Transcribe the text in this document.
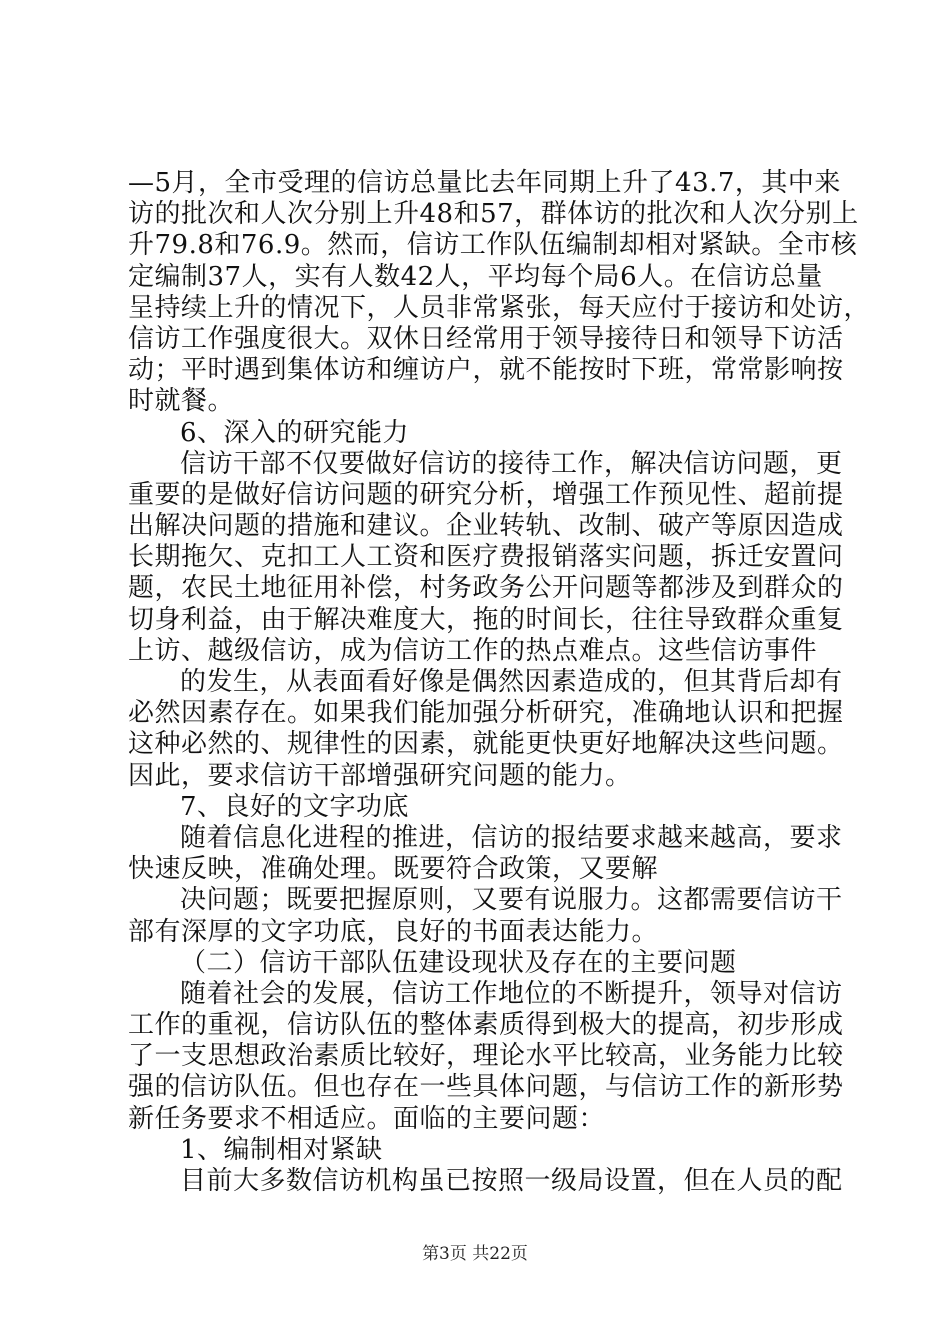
—5月，全市受理的信访总量比去年同期上升了43.7，其中来
访的批次和人次分别上升48和57，群体访的批次和人次分别上
升79.8和76.9。然而，信访工作队伍编制却相对紧缺。全市核
定编制37人，实有人数42人，平均每个局6人。在信访总量
呈持续上升的情况下，人员非常紧张，每天应付于接访和处访，
信访工作强度很大。双休日经常用于领导接待日和领导下访活
动；平时遇到集体访和缠访户，就不能按时下班，常常影响按
时就餐。
6、深入的研究能力
信访干部不仅要做好信访的接待工作，解决信访问题，更
重要的是做好信访问题的研究分析，增强工作预见性、超前提
出解决问题的措施和建议。企业转轨、改制、破产等原因造成
长期拖欠、克扣工人工资和医疗费报销落实问题，拆迁安置问
题，农民土地征用补偿，村务政务公开问题等都涉及到群众的
切身利益，由于解决难度大，拖的时间长，往往导致群众重复
上访、越级信访，成为信访工作的热点难点。这些信访事件
的发生，从表面看好像是偶然因素造成的，但其背后却有
必然因素存在。如果我们能加强分析研究，准确地认识和把握
这种必然的、规律性的因素，就能更快更好地解决这些问题。
因此，要求信访干部增强研究问题的能力。
7、良好的文字功底
随着信息化进程的推进，信访的报结要求越来越高，要求
快速反映，准确处理。既要符合政策，又要解
决问题；既要把握原则，又要有说服力。这都需要信访干
部有深厚的文字功底，良好的书面表达能力。
（二）信访干部队伍建设现状及存在的主要问题
随着社会的发展，信访工作地位的不断提升，领导对信访
工作的重视，信访队伍的整体素质得到极大的提高，初步形成
了一支思想政治素质比较好，理论水平比较高，业务能力比较
强的信访队伍。但也存在一些具体问题，与信访工作的新形势
新任务要求不相适应。面临的主要问题：
1、编制相对紧缺
目前大多数信访机构虽已按照一级局设置，但在人员的配
第3页 共22页
